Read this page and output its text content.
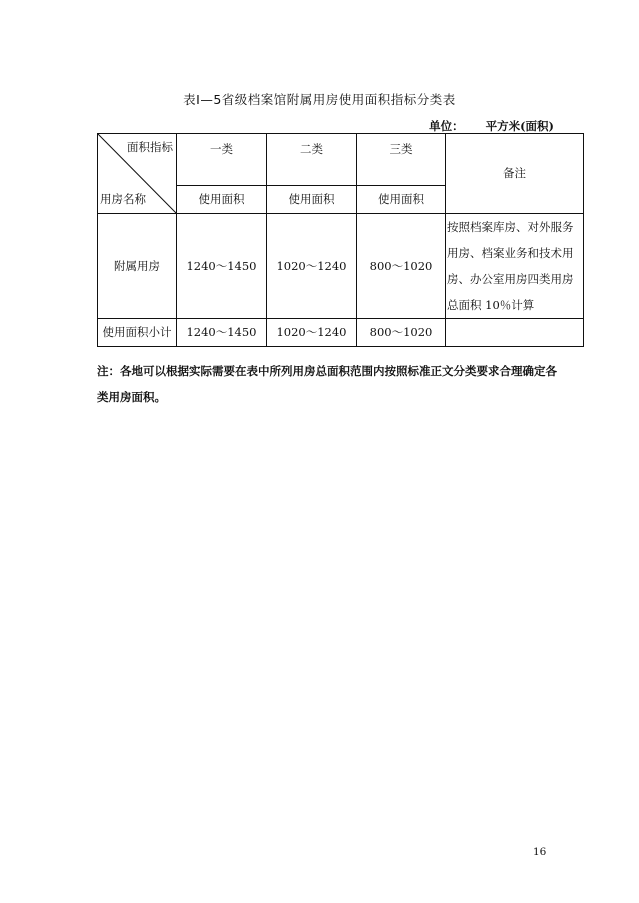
表Ⅰ—5省级档案馆附属用房使用面积指标分类表
单位： 平方米(面积)
面积指标
用房名称	一类	二类	三类	备注
	使用面积	使用面积	使用面积	
附属用房	1240～1450	1020～1240	800～1020	按照档案库房、对外服务用房、档案业务和技术用房、办公室用房四类用房总面积 10％计算
使用面积小计	1240～1450	1020～1240	800～1020	
注：各地可以根据实际需要在表中所列用房总面积范围内按照标准正文分类要求合理确定各类用房面积。
16
